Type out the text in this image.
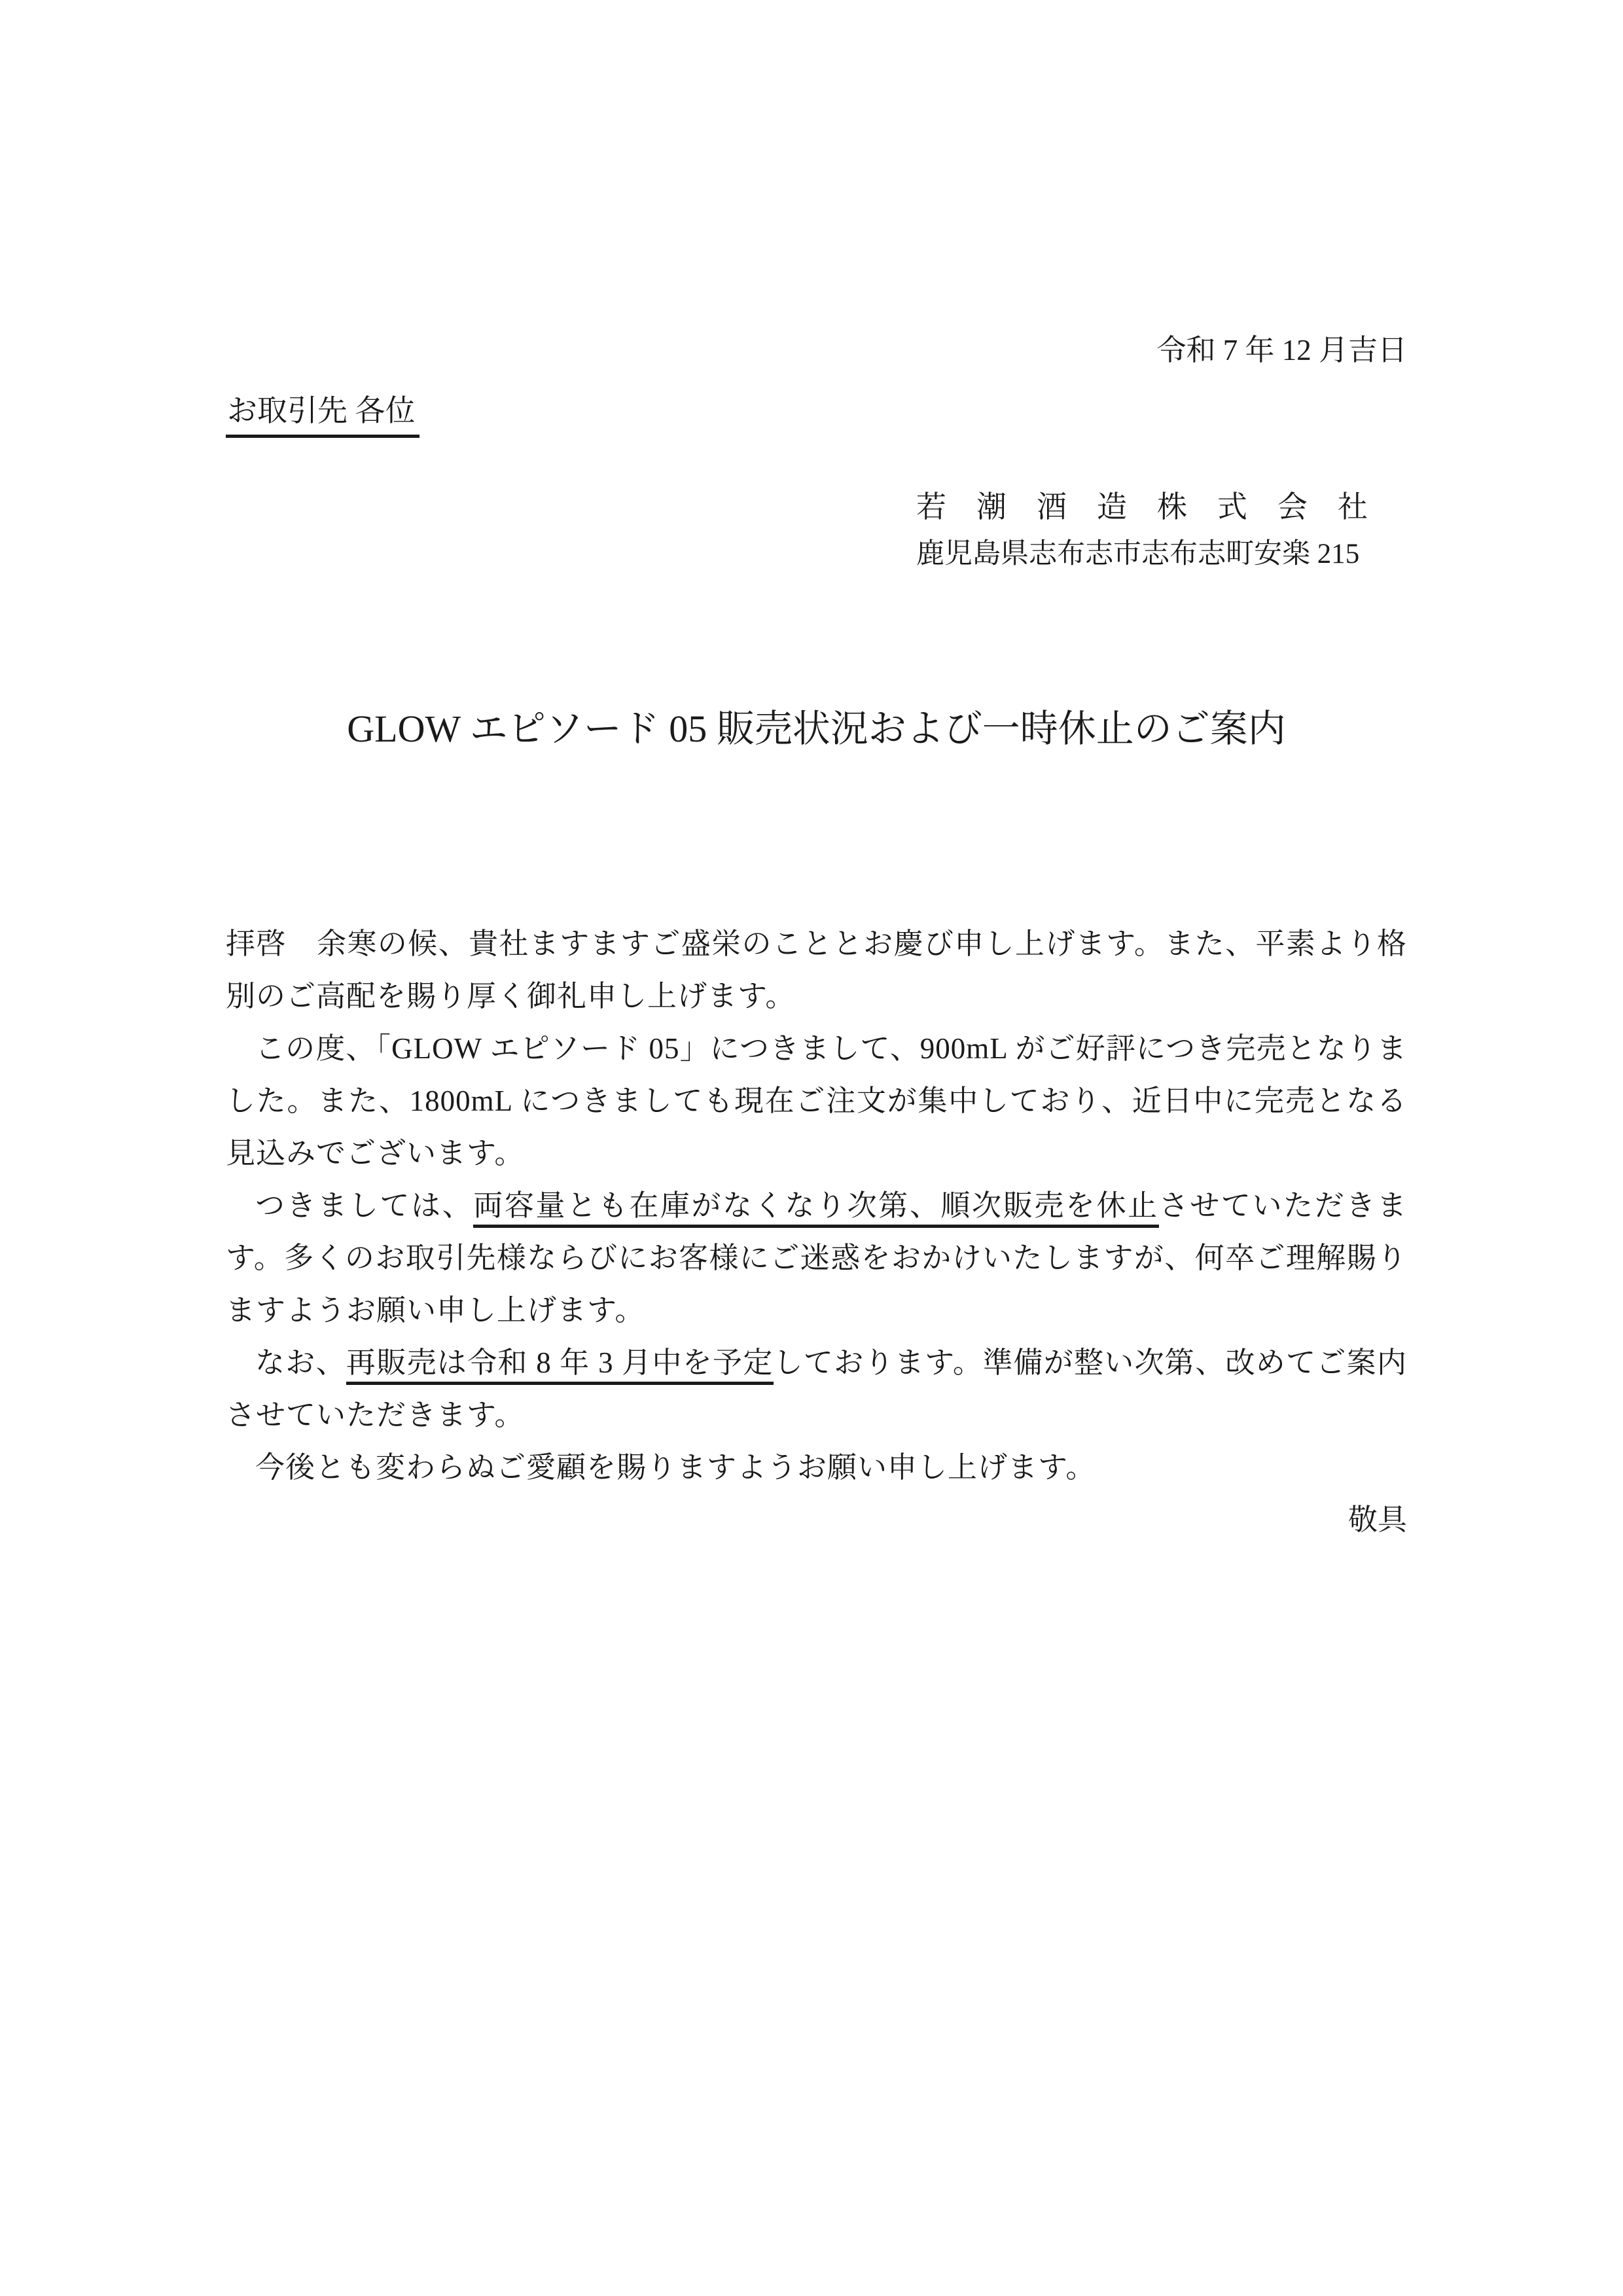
令和 7 年 12 月吉日
お取引先 各位
若　潮　酒　造　株　式　会　社
鹿児島県志布志市志布志町安楽 215
GLOW エピソード 05 販売状況および一時休止のご案内

拝啓　余寒の候、貴社ますますご盛栄のこととお慶び申し上げます。また、平素より格別のご高配を賜り厚く御礼申し上げます。

この度、「GLOW エピソード 05」につきまして、900mL がご好評につき完売となりました。また、1800mL につきましても現在ご注文が集中しており、近日中に完売となる見込みでございます。

つきましては、両容量とも在庫がなくなり次第、順次販売を休止させていただきます。多くのお取引先様ならびにお客様にご迷惑をおかけいたしますが、何卒ご理解賜りますようお願い申し上げます。

なお、再販売は令和 8 年 3 月中を予定しております。準備が整い次第、改めてご案内させていただきます。

今後とも変わらぬご愛顧を賜りますようお願い申し上げます。

敬具
